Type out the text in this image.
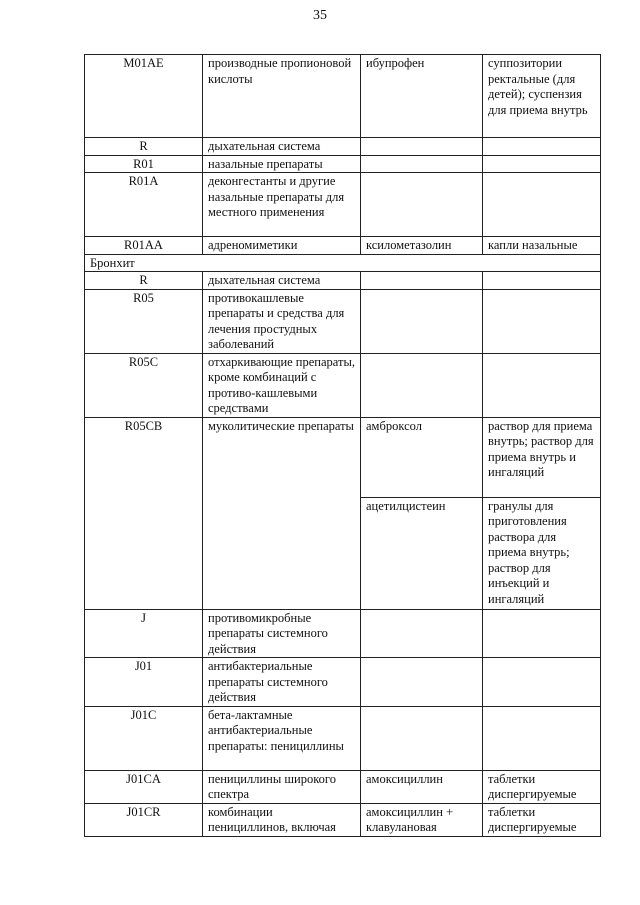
35
M01AE	производные пропионовой кислоты	ибупрофен	суппозитории ректальные (для детей); суспензия для приема внутрь
R	дыхательная система		
R01	назальные препараты		
R01A	деконгестанты и другие назальные препараты для местного применения		
R01AA	адреномиметики	ксилометазолин	капли назальные
Бронхит			
R	дыхательная система		
R05	противокашлевые препараты и средства для лечения простудных заболеваний		
R05C	отхаркивающие препараты, кроме комбинаций с противо-кашлевыми средствами		
R05CB	муколитические препараты	амброксол	раствор для приема внутрь; раствор для приема внутрь и ингаляций
		ацетилцистеин	гранулы для приготовления раствора для приема внутрь; раствор для инъекций и ингаляций
J	противомикробные препараты системного действия		
J01	антибактериальные препараты системного действия		
J01C	бета-лактамные антибактериальные препараты: пенициллины		
J01CA	пенициллины широкого спектра	амоксициллин	таблетки диспергируемые
J01CR	комбинации пенициллинов, включая	амоксициллин + клавулановая	таблетки диспергируемые
